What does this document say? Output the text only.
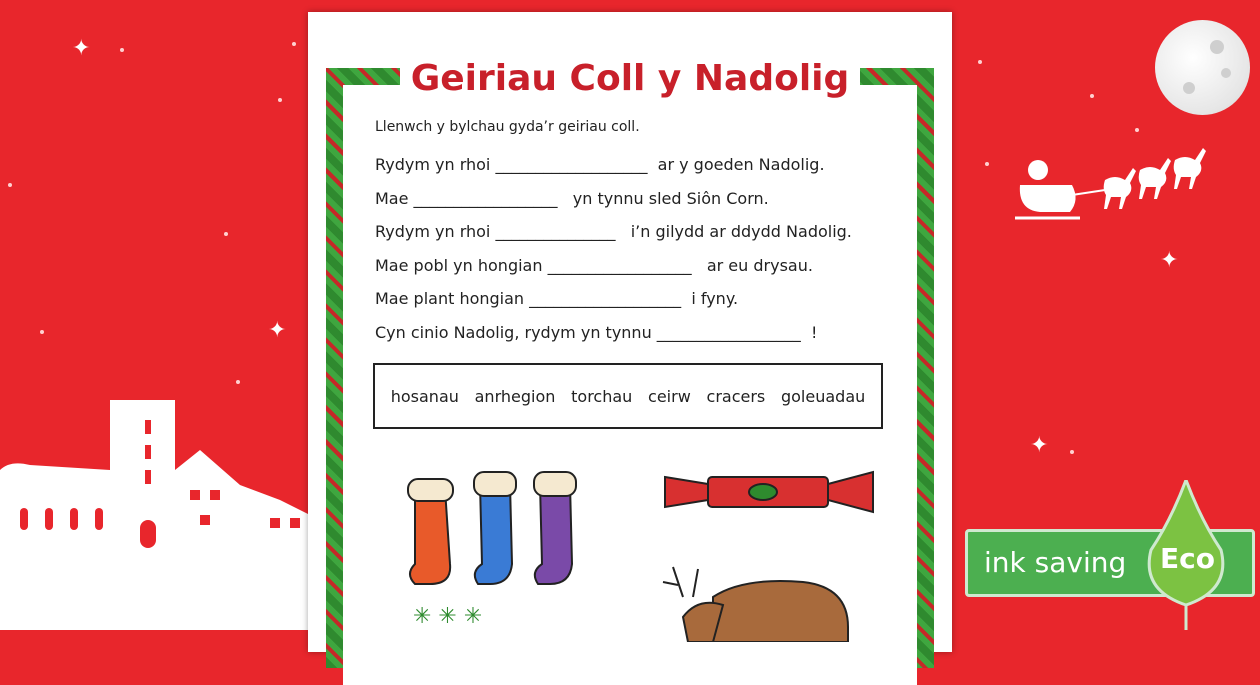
✦
✦
✦
✦
Geiriau Coll y Nadolig
Llenwch y bylchau gyda’r geiriau coll.
Rydym yn rhoi ___________________  ar y goeden Nadolig.
Mae __________________   yn tynnu sled Siôn Corn.
Rydym yn rhoi _______________   i’n gilydd ar ddydd Nadolig.
Mae pobl yn hongian __________________   ar eu drysau.
Mae plant hongian ___________________  i fyny.
Cyn cinio Nadolig, rydym yn tynnu __________________  !
hosanau anrhegion torchau ceirw cracers goleuadau
✳ ✳ ✳
ink saving Eco
